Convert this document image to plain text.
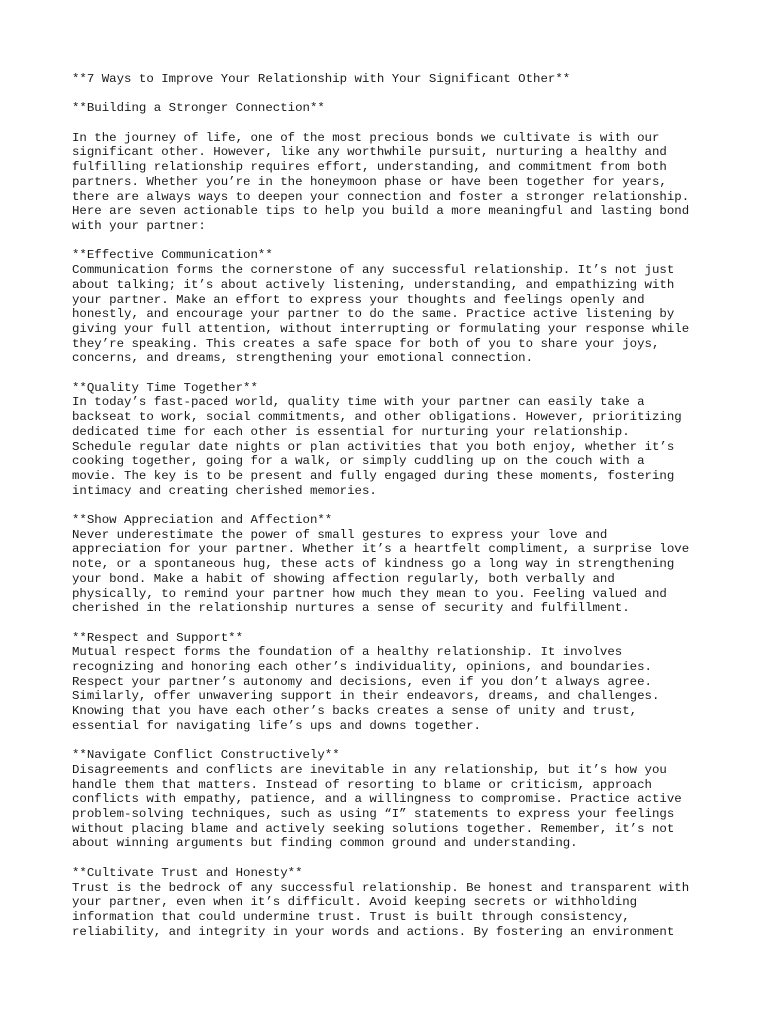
**7 Ways to Improve Your Relationship with Your Significant Other**

**Building a Stronger Connection**

In the journey of life, one of the most precious bonds we cultivate is with our
significant other. However, like any worthwhile pursuit, nurturing a healthy and
fulfilling relationship requires effort, understanding, and commitment from both
partners. Whether you’re in the honeymoon phase or have been together for years,
there are always ways to deepen your connection and foster a stronger relationship.
Here are seven actionable tips to help you build a more meaningful and lasting bond
with your partner:

**Effective Communication**
Communication forms the cornerstone of any successful relationship. It’s not just
about talking; it’s about actively listening, understanding, and empathizing with
your partner. Make an effort to express your thoughts and feelings openly and
honestly, and encourage your partner to do the same. Practice active listening by
giving your full attention, without interrupting or formulating your response while
they’re speaking. This creates a safe space for both of you to share your joys,
concerns, and dreams, strengthening your emotional connection.

**Quality Time Together**
In today’s fast-paced world, quality time with your partner can easily take a
backseat to work, social commitments, and other obligations. However, prioritizing
dedicated time for each other is essential for nurturing your relationship.
Schedule regular date nights or plan activities that you both enjoy, whether it’s
cooking together, going for a walk, or simply cuddling up on the couch with a
movie. The key is to be present and fully engaged during these moments, fostering
intimacy and creating cherished memories.

**Show Appreciation and Affection**
Never underestimate the power of small gestures to express your love and
appreciation for your partner. Whether it’s a heartfelt compliment, a surprise love
note, or a spontaneous hug, these acts of kindness go a long way in strengthening
your bond. Make a habit of showing affection regularly, both verbally and
physically, to remind your partner how much they mean to you. Feeling valued and
cherished in the relationship nurtures a sense of security and fulfillment.

**Respect and Support**
Mutual respect forms the foundation of a healthy relationship. It involves
recognizing and honoring each other’s individuality, opinions, and boundaries.
Respect your partner’s autonomy and decisions, even if you don’t always agree.
Similarly, offer unwavering support in their endeavors, dreams, and challenges.
Knowing that you have each other’s backs creates a sense of unity and trust,
essential for navigating life’s ups and downs together.

**Navigate Conflict Constructively**
Disagreements and conflicts are inevitable in any relationship, but it’s how you
handle them that matters. Instead of resorting to blame or criticism, approach
conflicts with empathy, patience, and a willingness to compromise. Practice active
problem-solving techniques, such as using “I” statements to express your feelings
without placing blame and actively seeking solutions together. Remember, it’s not
about winning arguments but finding common ground and understanding.

**Cultivate Trust and Honesty**
Trust is the bedrock of any successful relationship. Be honest and transparent with
your partner, even when it’s difficult. Avoid keeping secrets or withholding
information that could undermine trust. Trust is built through consistency,
reliability, and integrity in your words and actions. By fostering an environment
